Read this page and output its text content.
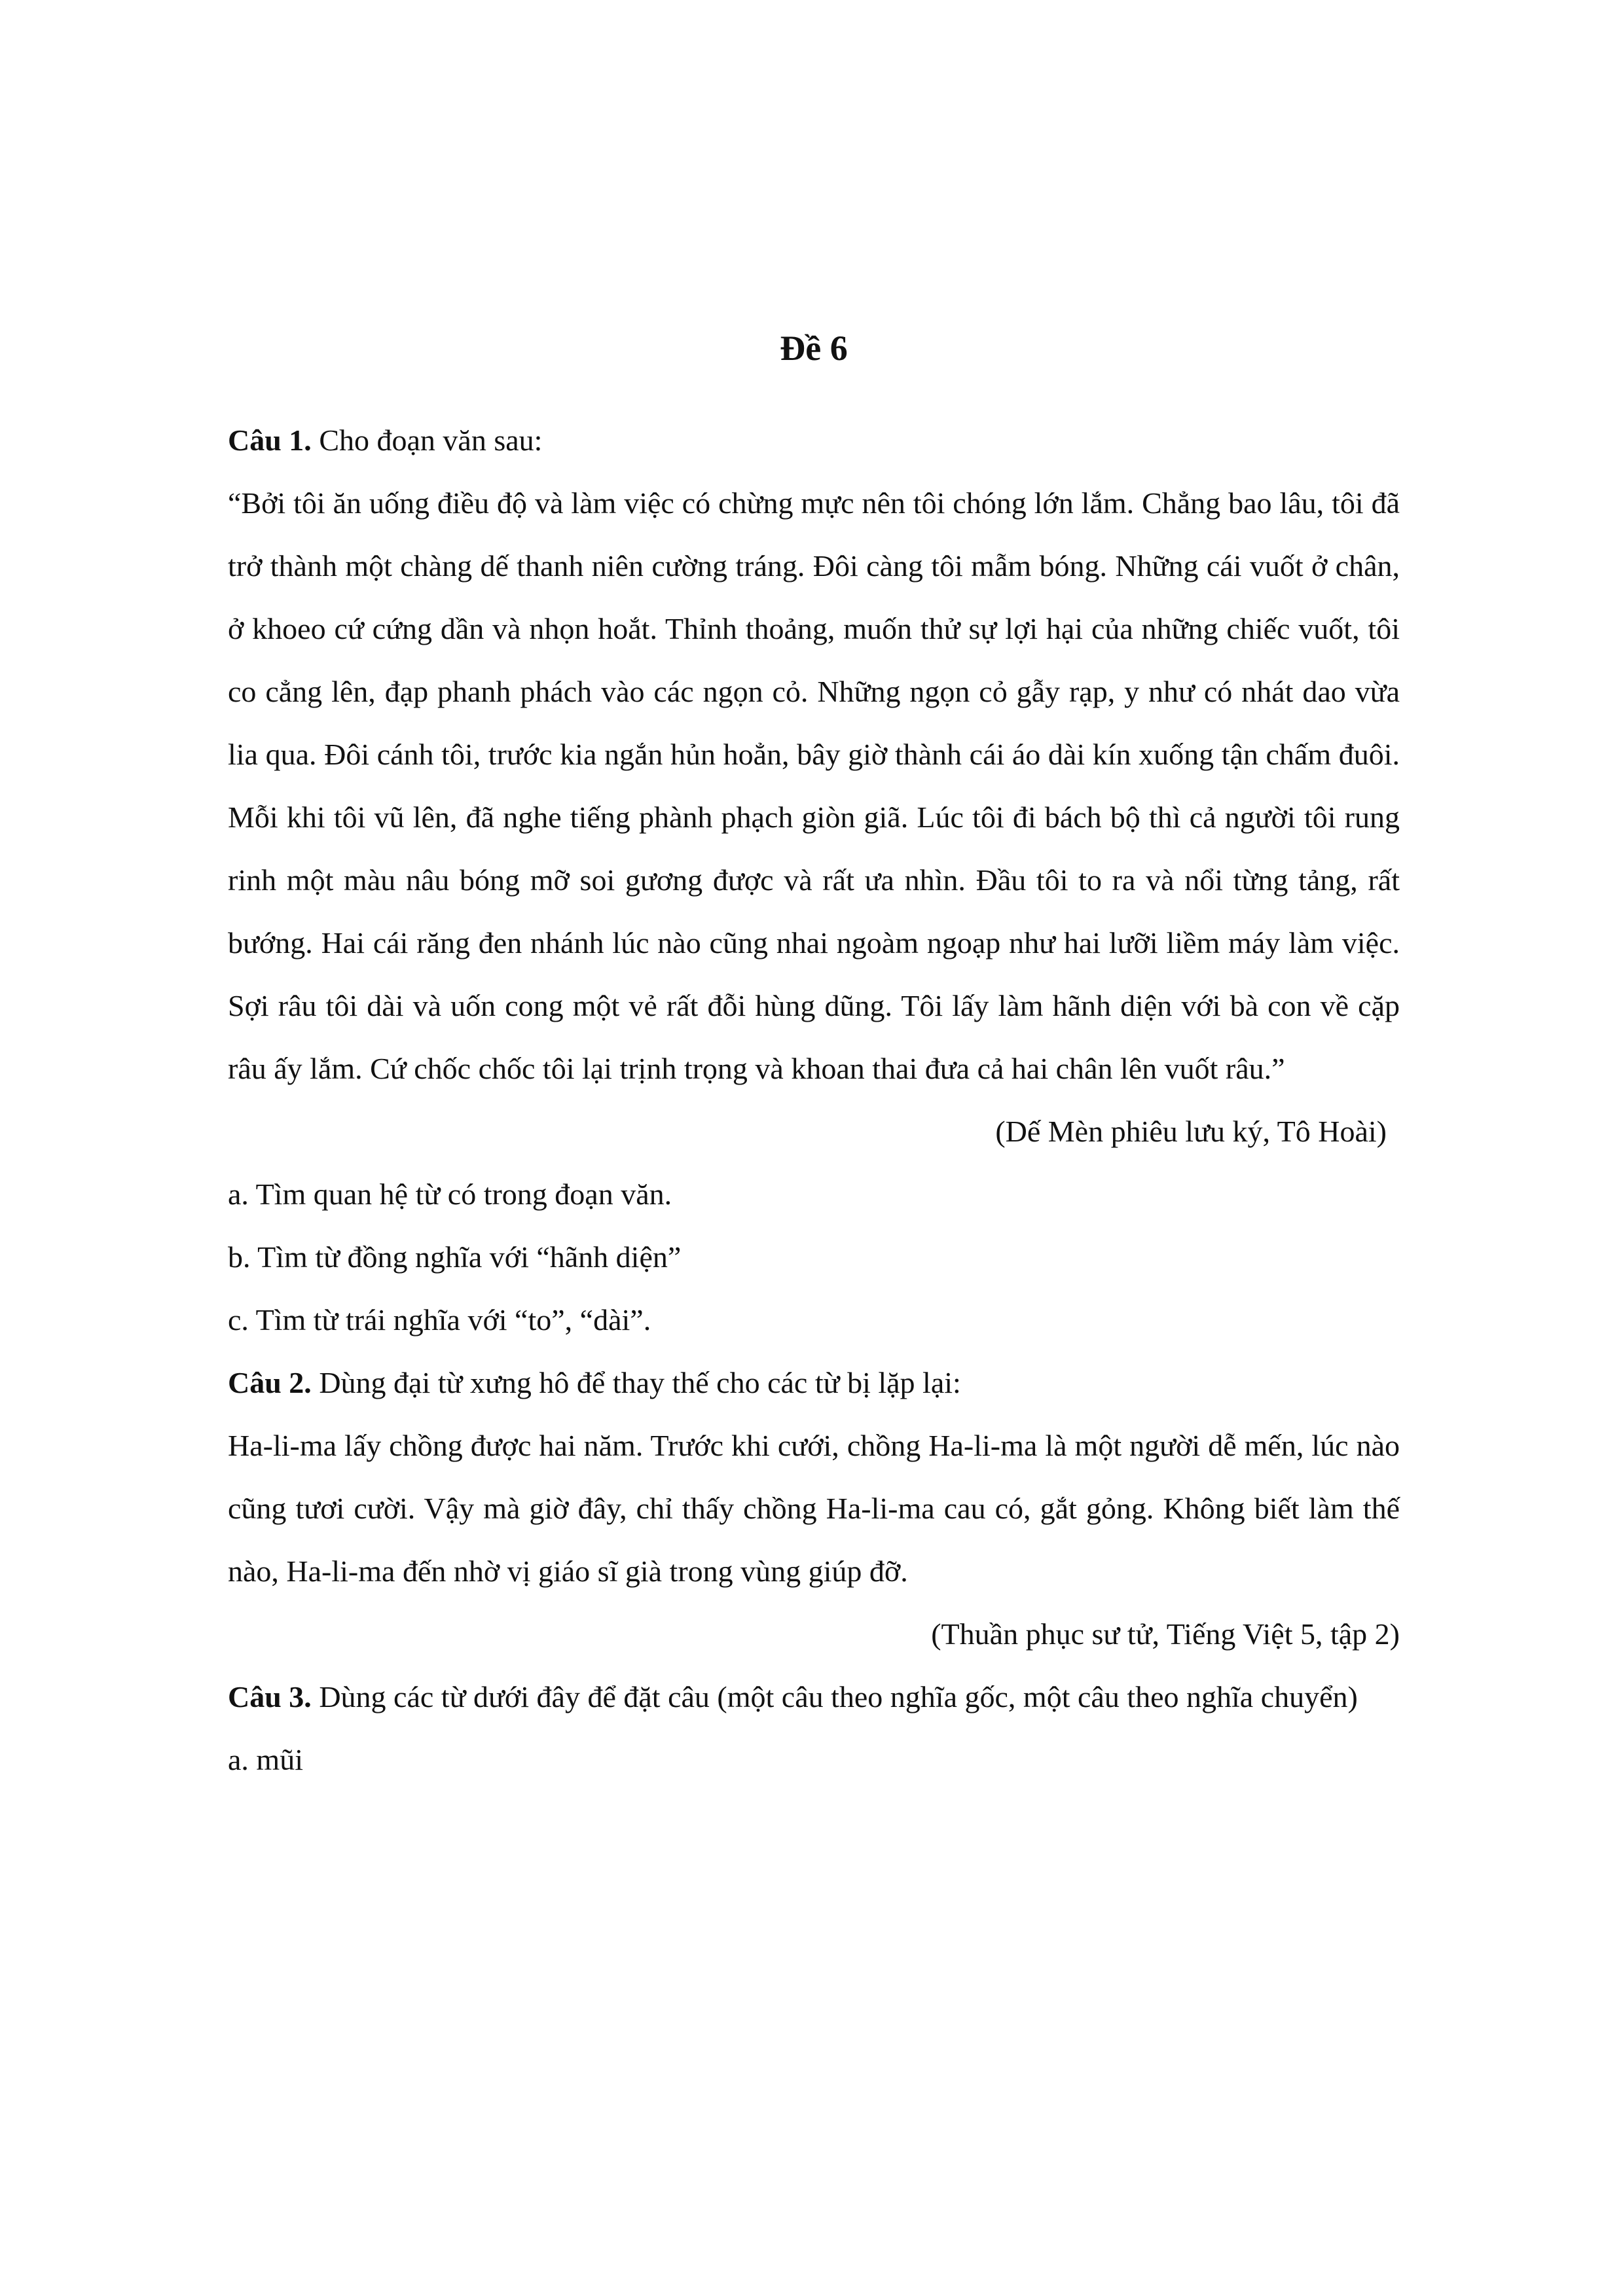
Đề 6

Câu 1. Cho đoạn văn sau:

“Bởi tôi ăn uống điều độ và làm việc có chừng mực nên tôi chóng lớn lắm. Chẳng bao lâu, tôi đã trở thành một chàng dế thanh niên cường tráng. Đôi càng tôi mẫm bóng. Những cái vuốt ở chân, ở khoeo cứ cứng dần và nhọn hoắt. Thỉnh thoảng, muốn thử sự lợi hại của những chiếc vuốt, tôi co cẳng lên, đạp phanh phách vào các ngọn cỏ. Những ngọn cỏ gẫy rạp, y như có nhát dao vừa lia qua. Đôi cánh tôi, trước kia ngắn hủn hoẳn, bây giờ thành cái áo dài kín xuống tận chấm đuôi. Mỗi khi tôi vũ lên, đã nghe tiếng phành phạch giòn giã. Lúc tôi đi bách bộ thì cả người tôi rung rinh một màu nâu bóng mỡ soi gương được và rất ưa nhìn. Đầu tôi to ra và nổi từng tảng, rất bướng. Hai cái răng đen nhánh lúc nào cũng nhai ngoàm ngoạp như hai lưỡi liềm máy làm việc. Sợi râu tôi dài và uốn cong một vẻ rất đỗi hùng dũng. Tôi lấy làm hãnh diện với bà con về cặp râu ấy lắm. Cứ chốc chốc tôi lại trịnh trọng và khoan thai đưa cả hai chân lên vuốt râu.”

(Dế Mèn phiêu lưu ký, Tô Hoài)

a. Tìm quan hệ từ có trong đoạn văn.

b. Tìm từ đồng nghĩa với “hãnh diện”

c. Tìm từ trái nghĩa với “to”, “dài”.

Câu 2. Dùng đại từ xưng hô để thay thế cho các từ bị lặp lại:

Ha-li-ma lấy chồng được hai năm. Trước khi cưới, chồng Ha-li-ma là một người dễ mến, lúc nào cũng tươi cười. Vậy mà giờ đây, chỉ thấy chồng Ha-li-ma cau có, gắt gỏng. Không biết làm thế nào, Ha-li-ma đến nhờ vị giáo sĩ già trong vùng giúp đỡ.

(Thuần phục sư tử, Tiếng Việt 5, tập 2)

Câu 3. Dùng các từ dưới đây để đặt câu (một câu theo nghĩa gốc, một câu theo nghĩa chuyển)

a. mũi
